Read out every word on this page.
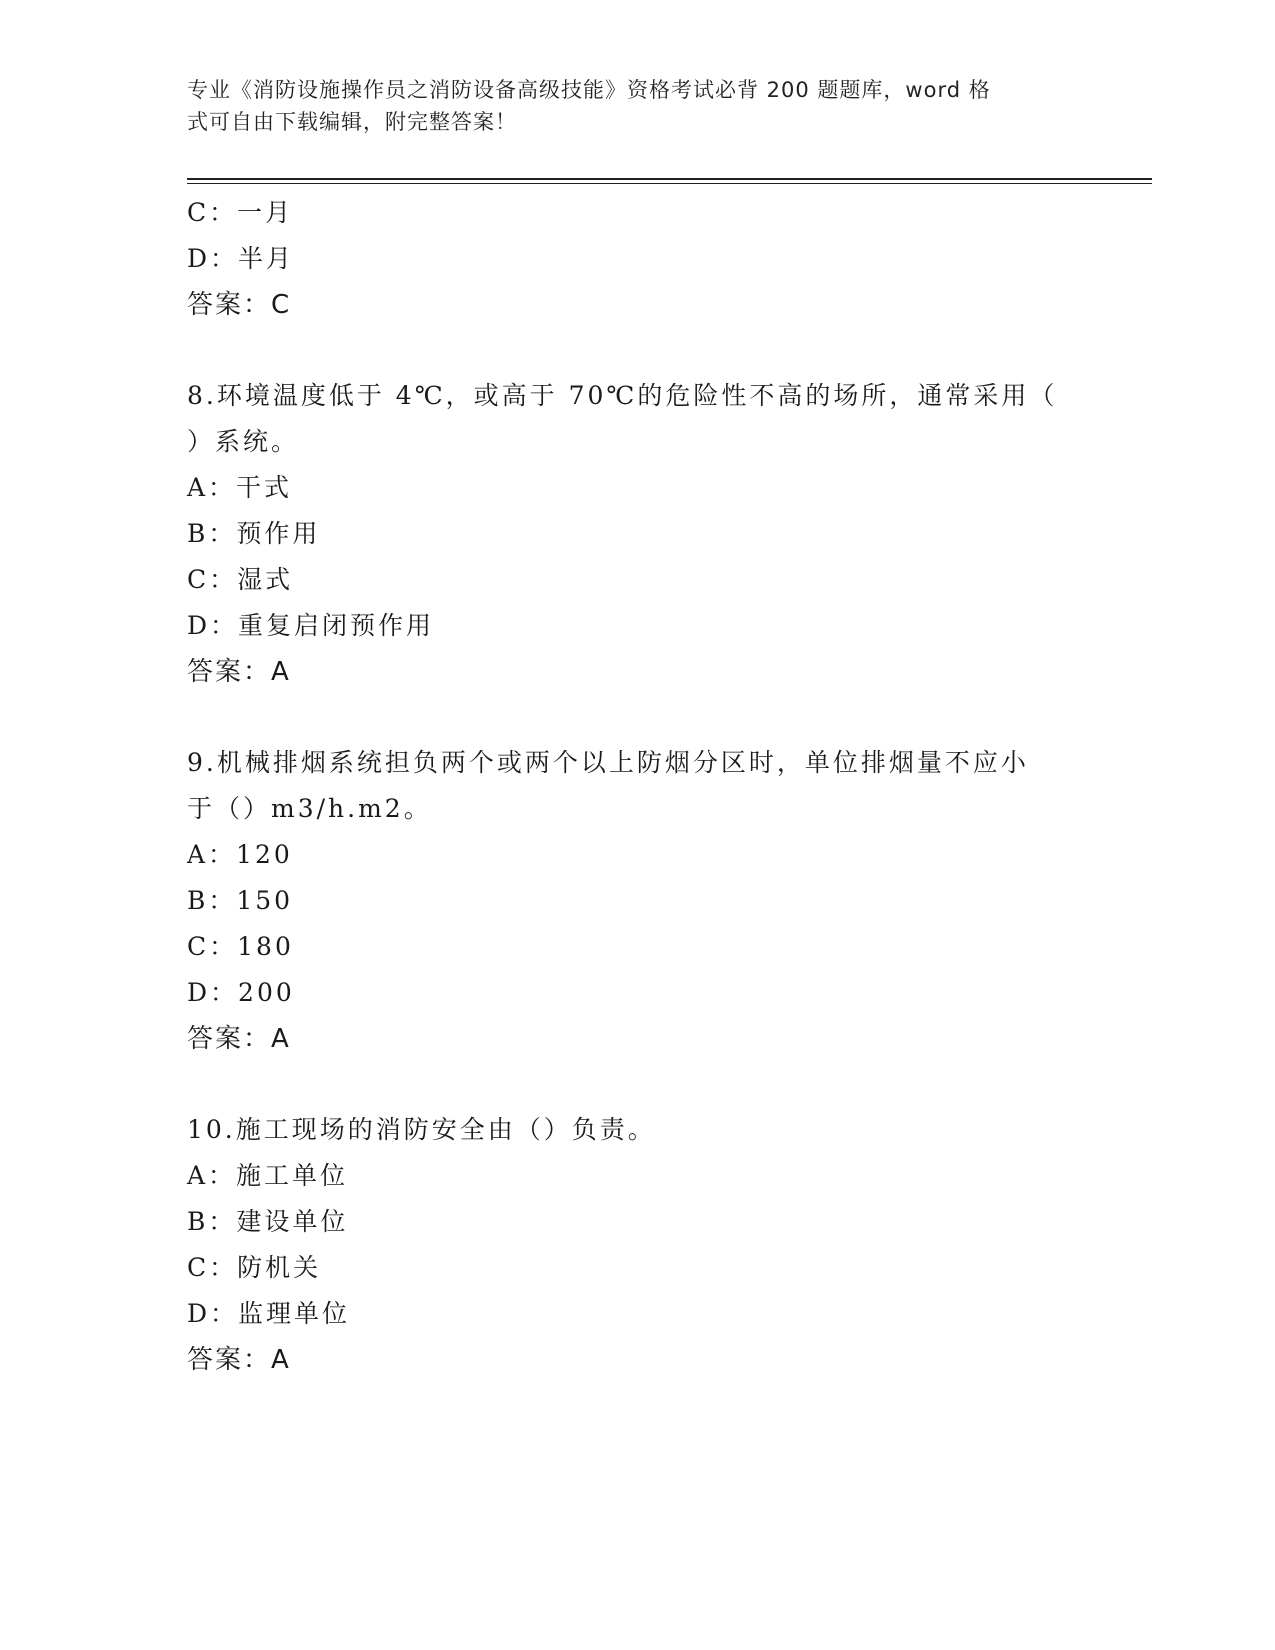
专业《消防设施操作员之消防设备高级技能》资格考试必背 200 题题库，word 格
式可自由下载编辑，附完整答案！
C：一月
D：半月
答案：C
8.环境温度低于 4℃，或高于 70℃的危险性不高的场所，通常采用（
）系统。
A：干式
B：预作用
C：湿式
D：重复启闭预作用
答案：A
9.机械排烟系统担负两个或两个以上防烟分区时，单位排烟量不应小
于（）m3/h.m2。
A：120
B：150
C：180
D：200
答案：A
10.施工现场的消防安全由（）负责。
A：施工单位
B：建设单位
C：防机关
D：监理单位
答案：A
